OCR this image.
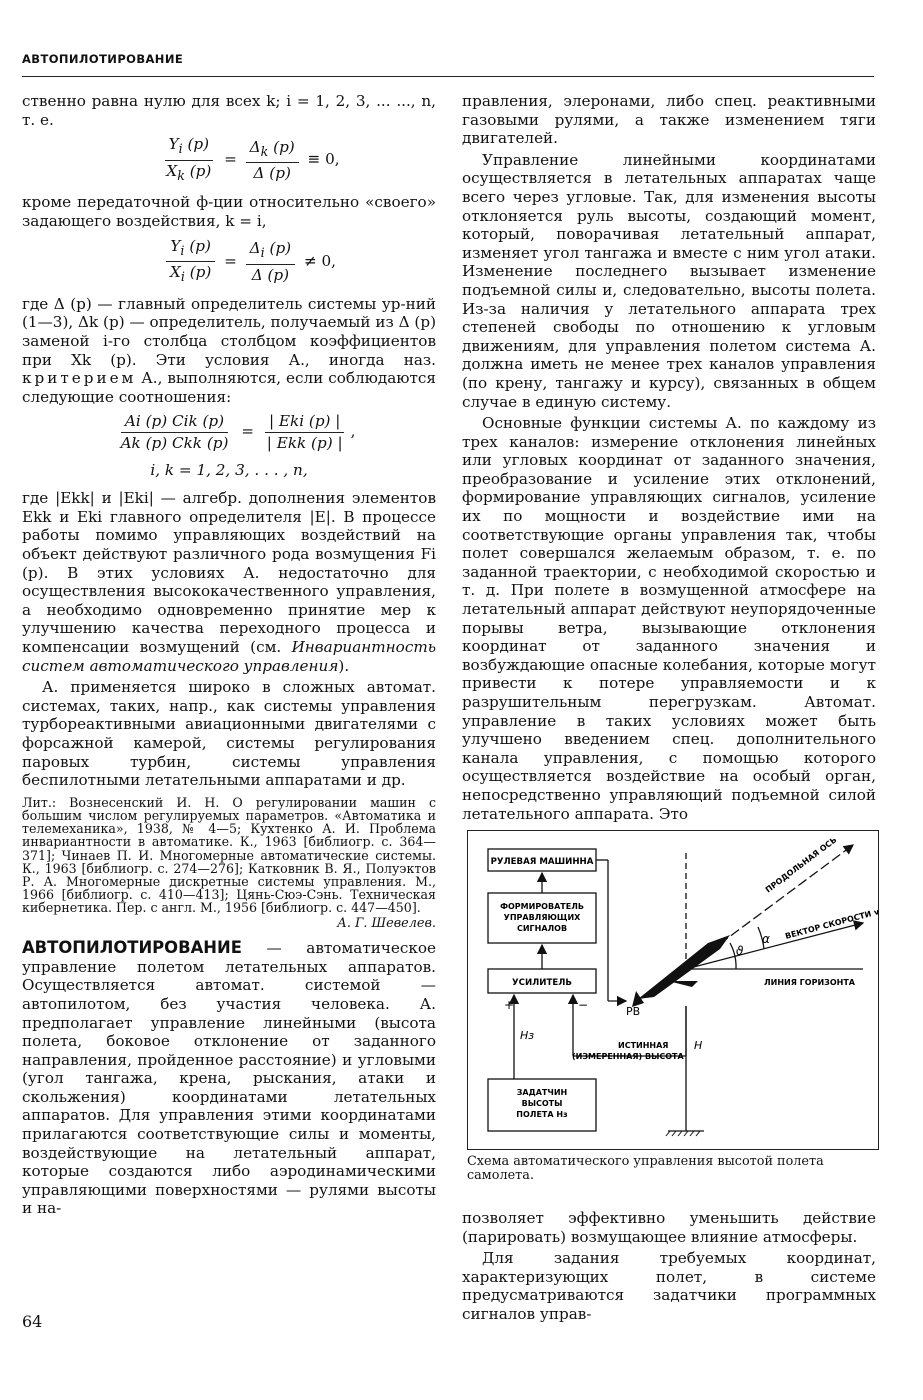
АВТОПИЛОТИРОВАНИЕ

ственно равна нулю для всех k; i = 1, 2, 3, ... ..., n, т. е.

$\frac{Y_i (p)}{X_k (p)} = \frac{\Delta_k (p)}{\Delta (p)} \equiv 0$,

кроме передаточной ф-ции относительно «своего» задающего воздействия, k = i,

$\frac{Y_i (p)}{X_i (p)} = \frac{\Delta_i (p)}{\Delta (p)} \ne 0$,

где Δ (p) — главный определитель системы ур-ний (1—3), Δk (p) — определитель, получаемый из Δ (p) заменой i-го столбца столбцом коэффициентов при Xk (p). Эти условия А., иногда наз. критерием А., выполняются, если соблюдаются следующие соотношения:

$\frac{\text{Ai (p) Cik (p)}}{\text{Ak (p) Ckk (p)}} = \frac{\text{| Eki (p) |}}{\text{| Ekk (p) |}}$ ,
i, k = 1, 2, 3, . . . , n,

где |Ekk| и |Eki| — алгебр. дополнения элементов Ekk и Eki главного определителя |E|. В процессе работы помимо управляющих воздействий на объект действуют различного рода возмущения Fi (p). В этих условиях А. недостаточно для осуществления высококачественного управления, а необходимо одновременно принятие мер к улучшению качества переходного процесса и компенсации возмущений (см. Инвариантность систем автоматического управления).

А. применяется широко в сложных автомат. системах, таких, напр., как системы управления турбореактивными авиационными двигателями с форсажной камерой, системы регулирования паровых турбин, системы управления беспилотными летательными аппаратами и др.

Лит.: Вознесенский И. Н. О регулировании машин с большим числом регулируемых параметров. «Автоматика и телемеханика», 1938, № 4—5; Кухтенко А. И. Проблема инвариантности в автоматике. К., 1963 [библиогр. с. 364—371]; Чинаев П. И. Многомерные автоматические системы. К., 1963 [библиогр. с. 274—276]; Катковник В. Я., Полуэктов Р. А. Многомерные дискретные системы управления. М., 1966 [библиогр. с. 410—413]; Цянь-Сюэ-Сэнь. Техническая кибернетика. Пер. с англ. М., 1956 [библиогр. с. 447—450].

А. Г. Шевелев.

АВТОПИЛОТИРОВАНИЕ — автоматическое управление полетом летательных аппаратов. Осуществляется автомат. системой — автопилотом, без участия человека. А. предполагает управление линейными (высота полета, боковое отклонение от заданного направления, пройденное расстояние) и угловыми (угол тангажа, крена, рыскания, атаки и скольжения) координатами летательных аппаратов. Для управления этими координатами прилагаются соответствующие силы и моменты, воздействующие на летательный аппарат, которые создаются либо аэродинамическими управляющими поверхностями — рулями высоты и на-

правления, элеронами, либо спец. реактивными газовыми рулями, а также изменением тяги двигателей.

Управление линейными координатами осуществляется в летательных аппаратах чаще всего через угловые. Так, для изменения высоты отклоняется руль высоты, создающий момент, который, поворачивая летательный аппарат, изменяет угол тангажа и вместе с ним угол атаки. Изменение последнего вызывает изменение подъемной силы и, следовательно, высоты полета. Из-за наличия у летательного аппарата трех степеней свободы по отношению к угловым движениям, для управления полетом система А. должна иметь не менее трех каналов управления (по крену, тангажу и курсу), связанных в общем случае в единую систему.

Основные функции системы А. по каждому из трех каналов: измерение отклонения линейных или угловых координат от заданного значения, преобразование и усиление этих отклонений, формирование управляющих сигналов, усиление их по мощности и воздействие ими на соответствующие органы управления так, чтобы полет совершался желаемым образом, т. е. по заданной траектории, с необходимой скоростью и т. д. При полете в возмущенной атмосфере на летательный аппарат действуют неупорядоченные порывы ветра, вызывающие отклонения координат от заданного значения и возбуждающие опасные колебания, которые могут привести к потере управляемости и к разрушительным перегрузкам. Автомат. управление в таких условиях может быть улучшено введением спец. дополнительного канала управления, с помощью которого осуществляется воздействие на особый орган, непосредственно управляющий подъемной силой летательного аппарата. Это

РУЛЕВАЯ МАШИННА
ФОРМИРОВАТЕЛЬ
УПРАВЛЯЮЩИХ
СИГНАЛОВ
УСИЛИТЕЛЬ
ЗАДАТЧИН
ВЫСОТЫ
ПОЛЕТА Hз
ПРОДОЛЬНАЯ ОСЬ
ВЕКТОР СКОРОСТИ v
ЛИНИЯ ГОРИЗОНТА
ИСТИННАЯ
(ИЗМЕРЕННАЯ) ВЫСОТА
РВ
Hз
H
ϑ
α
+	−
Схема автоматического управления высотой полета самолета.

позволяет эффективно уменьшить действие (парировать) возмущающее влияние атмосферы.

Для задания требуемых координат, характеризующих полет, в системе предусматриваются задатчики программных сигналов управ-

64
